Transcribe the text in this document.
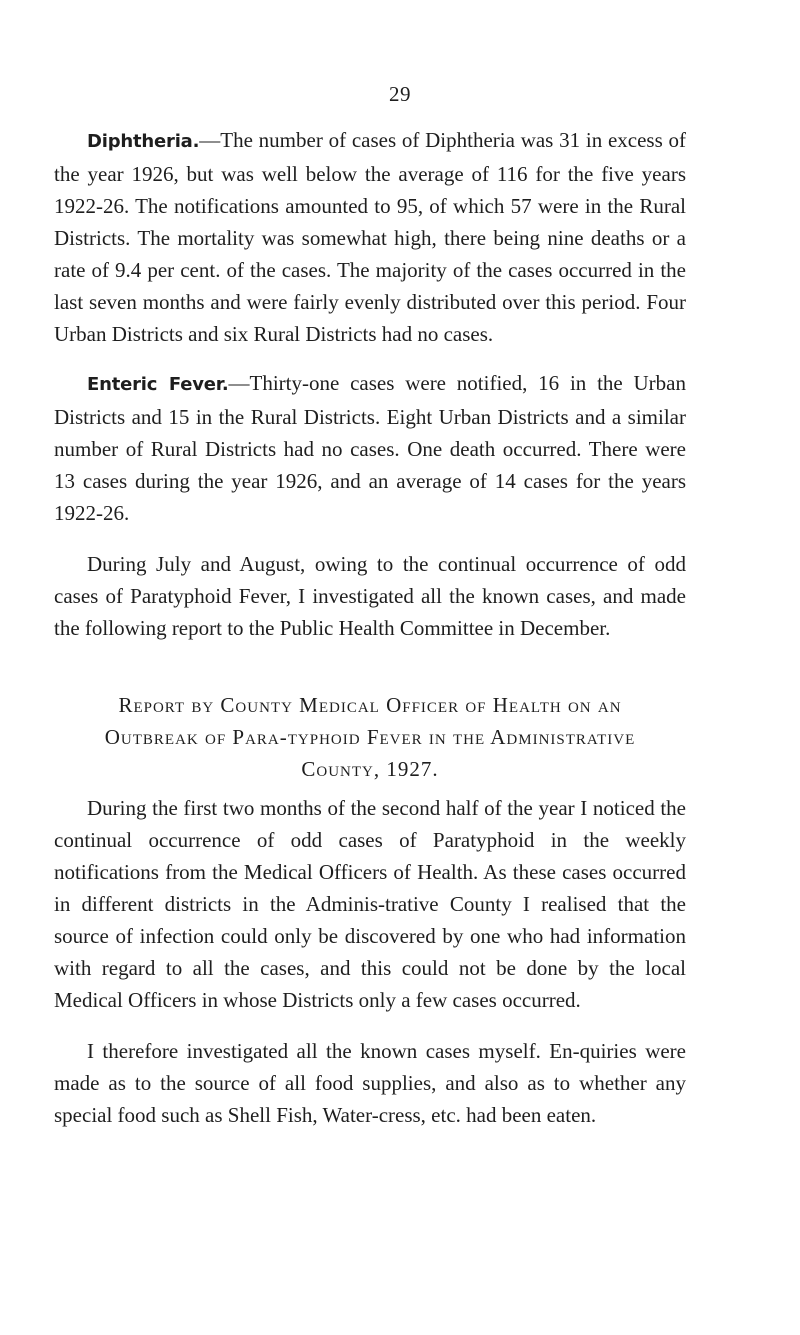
29

Diphtheria.—The number of cases of Diphtheria was 31 in excess of the year 1926, but was well below the average of 116 for the five years 1922-26. The notifications amounted to 95, of which 57 were in the Rural Districts. The mortality was somewhat high, there being nine deaths or a rate of 9.4 per cent. of the cases. The majority of the cases occurred in the last seven months and were fairly evenly distributed over this period. Four Urban Districts and six Rural Districts had no cases.

Enteric Fever.—Thirty-one cases were notified, 16 in the Urban Districts and 15 in the Rural Districts. Eight Urban Districts and a similar number of Rural Districts had no cases. One death occurred. There were 13 cases during the year 1926, and an average of 14 cases for the years 1922-26.

During July and August, owing to the continual occurrence of odd cases of Paratyphoid Fever, I investigated all the known cases, and made the following report to the Public Health Committee in December.

Report by County Medical Officer of Health on an
Outbreak of Para-typhoid Fever in the Administrative
County, 1927.

During the first two months of the second half of the year I noticed the continual occurrence of odd cases of Paratyphoid in the weekly notifications from the Medical Officers of Health. As these cases occurred in different districts in the Adminis-trative County I realised that the source of infection could only be discovered by one who had information with regard to all the cases, and this could not be done by the local Medical Officers in whose Districts only a few cases occurred.

I therefore investigated all the known cases myself. En-quiries were made as to the source of all food supplies, and also as to whether any special food such as Shell Fish, Water-cress, etc. had been eaten.
